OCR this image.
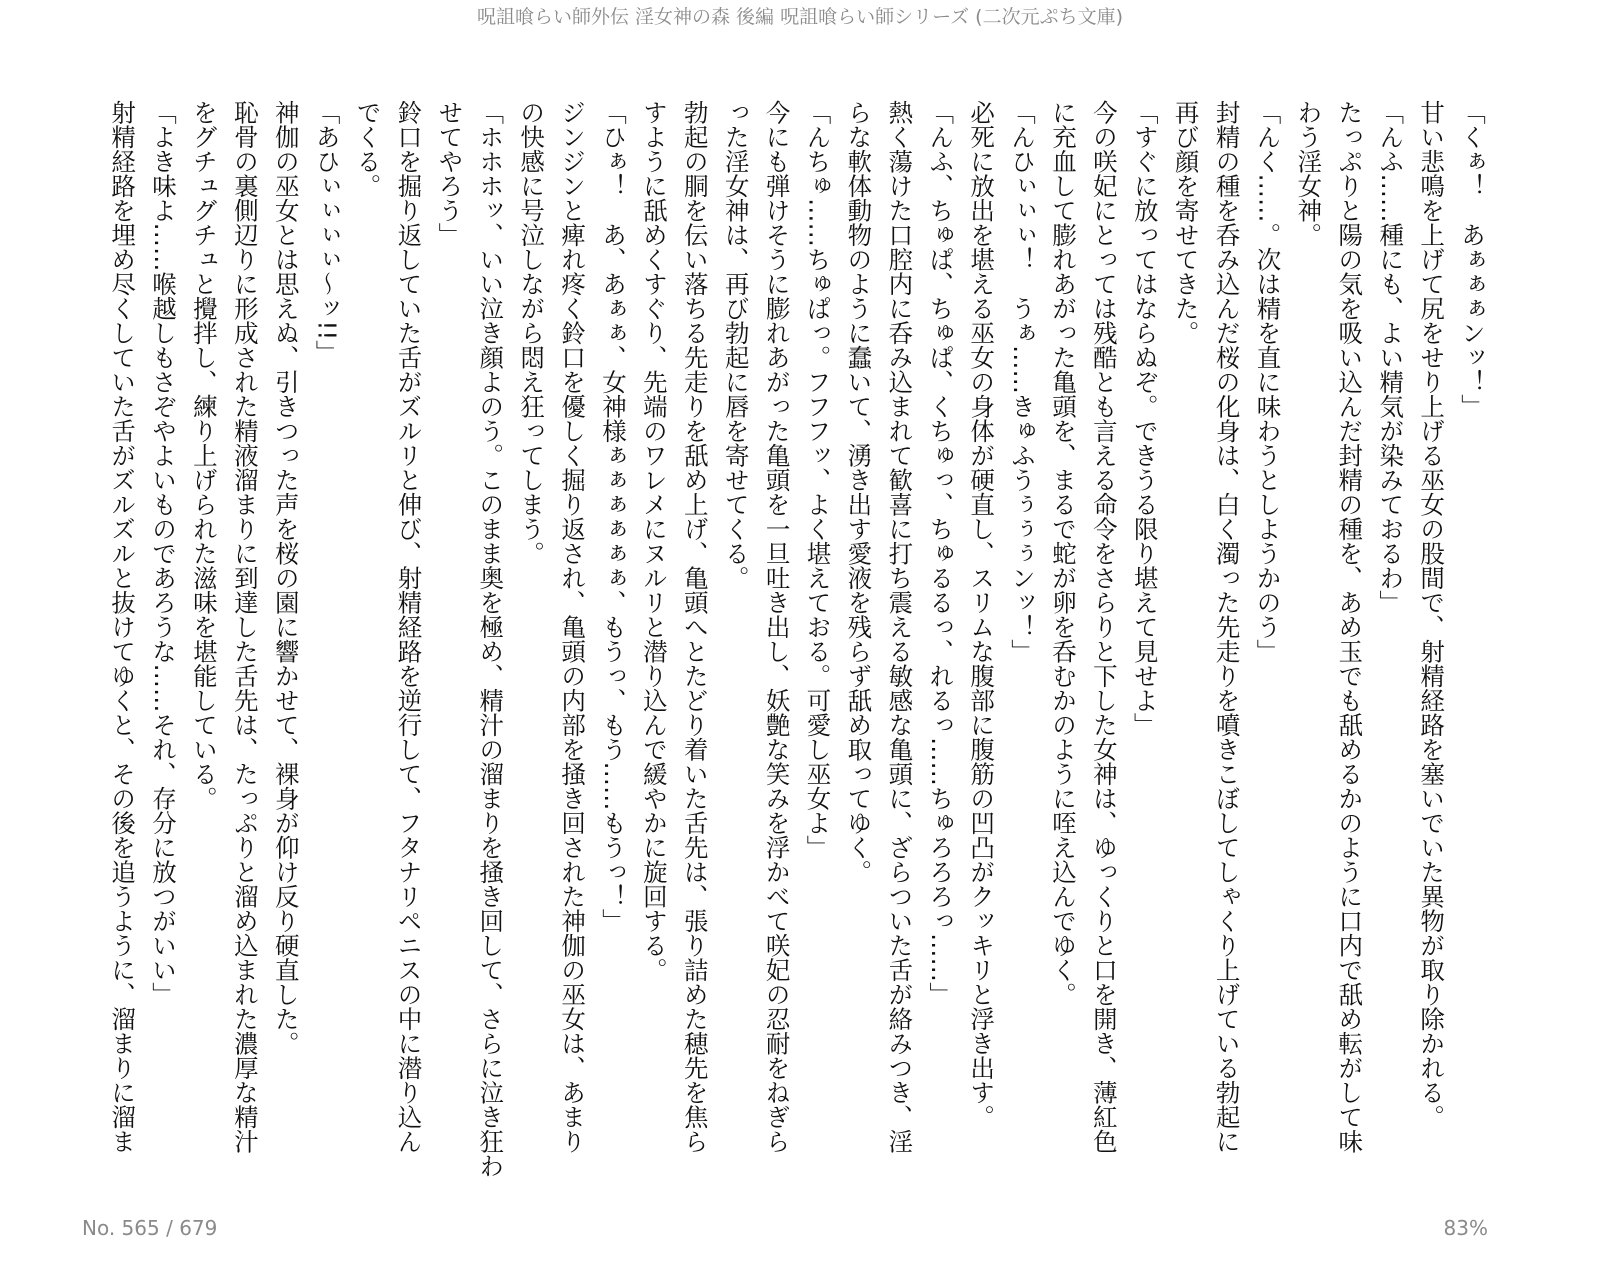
呪詛喰らい師外伝 淫女神の森 後編 呪詛喰らい師シリーズ (二次元ぷち文庫)
「くぁ！　あぁぁぁンッ！」
甘い悲鳴を上げて尻をせり上げる巫女の股間で、射精経路を塞いでいた異物が取り除かれる。
「んふ……種にも、よい精気が染みておるわ」
たっぷりと陽の気を吸い込んだ封精の種を、あめ玉でも舐めるかのように口内で舐め転がして味
わう淫女神。
「んく……。次は精を直に味わうとしようかのう」
封精の種を呑み込んだ桜の化身は、白く濁った先走りを噴きこぼしてしゃくり上げている勃起に
再び顔を寄せてきた。
「すぐに放ってはならぬぞ。できうる限り堪えて見せよ」
今の咲妃にとっては残酷とも言える命令をさらりと下した女神は、ゆっくりと口を開き、薄紅色
に充血して膨れあがった亀頭を、まるで蛇が卵を呑むかのように咥え込んでゆく。
「んひぃぃぃ！　うぁ……きゅふうぅぅぅンッ！」
必死に放出を堪える巫女の身体が硬直し、スリムな腹部に腹筋の凹凸がクッキリと浮き出す。
「んふ、ちゅぱ、ちゅぱ、くちゅっ、ちゅるるっ、れるっ……ちゅろろろっ……」
熱く蕩けた口腔内に呑み込まれて歓喜に打ち震える敏感な亀頭に、ざらついた舌が絡みつき、淫
らな軟体動物のように蠢いて、湧き出す愛液を残らず舐め取ってゆく。
「んちゅ……ちゅぱっ。フフフッ、よく堪えておる。可愛し巫女よ」
今にも弾けそうに膨れあがった亀頭を一旦吐き出し、妖艶な笑みを浮かべて咲妃の忍耐をねぎら
った淫女神は、再び勃起に唇を寄せてくる。
勃起の胴を伝い落ちる先走りを舐め上げ、亀頭へとたどり着いた舌先は、張り詰めた穂先を焦ら
すように舐めくすぐり、先端のワレメにヌルリと潜り込んで緩やかに旋回する。
「ひぁ！　あ、あぁぁ、女神様ぁぁぁぁぁぁ、もうっ、もう……もうっ！」
ジンジンと痺れ疼く鈴口を優しく掘り返され、亀頭の内部を掻き回された神伽の巫女は、あまり
の快感に号泣しながら悶え狂ってしまう。
「ホホホッ、いい泣き顔よのう。このまま奥を極め、精汁の溜まりを掻き回して、さらに泣き狂わ
せてやろう」
鈴口を掘り返していた舌がズルリと伸び、射精経路を逆行して、フタナリペニスの中に潜り込ん
でくる。
「あひぃぃぃぃ～ッ!!」
神伽の巫女とは思えぬ、引きつった声を桜の園に響かせて、裸身が仰け反り硬直した。
恥骨の裏側辺りに形成された精液溜まりに到達した舌先は、たっぷりと溜め込まれた濃厚な精汁
をグチュグチュと攪拌し、練り上げられた滋味を堪能している。
「よき味よ……喉越しもさぞやよいものであろうな……それ、存分に放つがいい」
射精経路を埋め尽くしていた舌がズルズルと抜けてゆくと、その後を追うように、溜まりに溜ま
No. 565 / 679	83%
